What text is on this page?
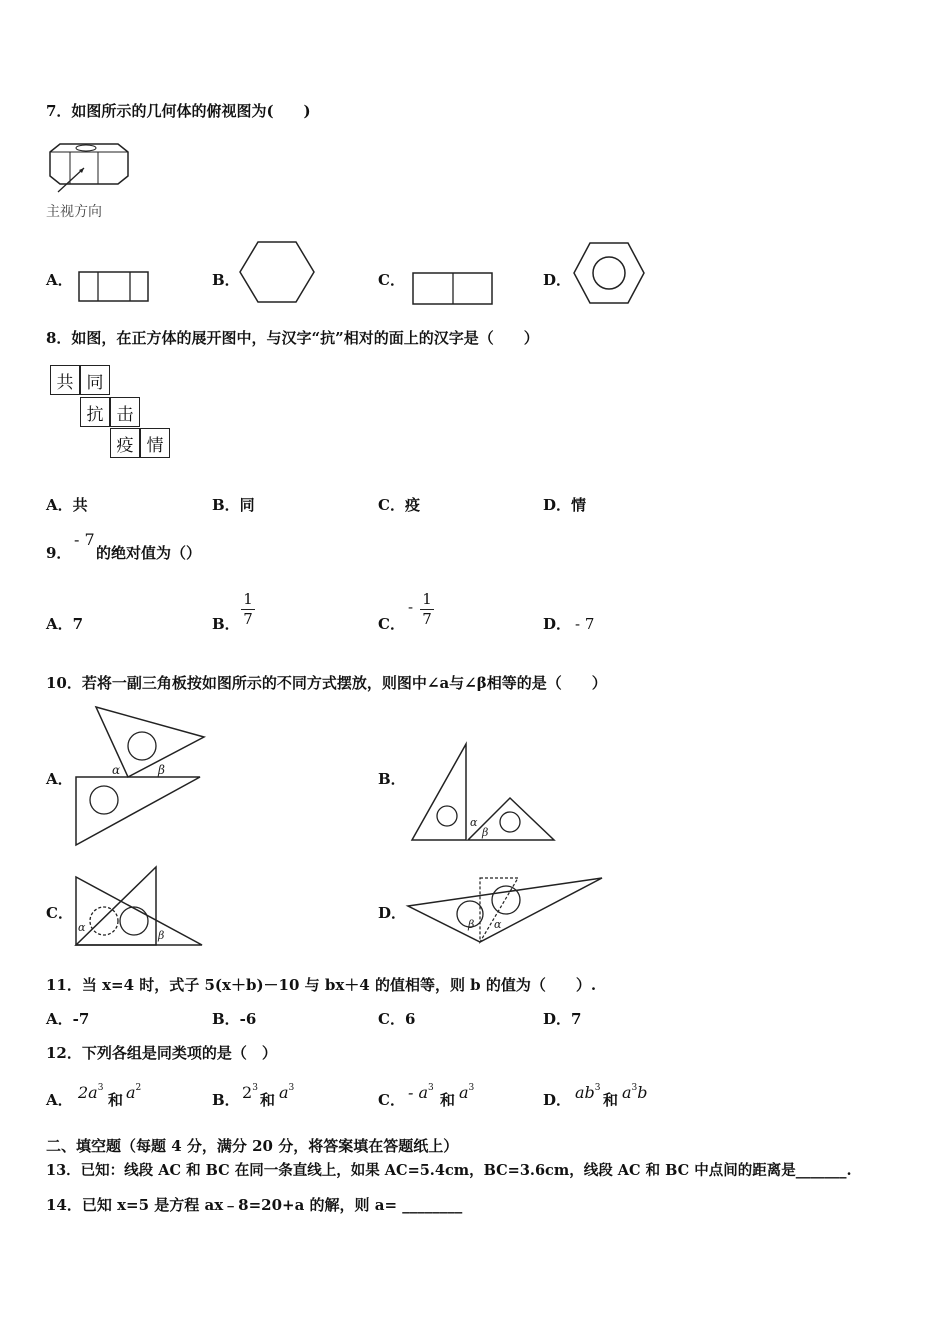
7．如图所示的几何体的俯视图为(　　)
主视方向
A．	B．	C．	D．
8．如图，在正方体的展开图中，与汉字“抗”相对的面上的汉字是（　　）
共 同
抗 击
疫 情
A．共	B．同	C．疫	D．情
9．
- 7
的绝对值为（）
A．7	B．
1
7	C．
- 1
7	D． - 7
10．若将一副三角板按如图所示的不同方式摆放，则图中∠a与∠β相等的是（　　）
A．	α	β	B．
α
β
C．
α
β
D．
β α
11．当 x=4 时，式子 5(x＋b)－10 与 bx＋4 的值相等，则 b 的值为（　　）.
A．-7	B．-6	C．6	D．7
12．下列各组是同类项的是（　）
A． $2a^3$
和 $a^2$
B． $2^3$
和 $a^3$
C． - $a^3$
和 $a^3$
D． $ab^3$
和 $a^3b$
二、填空题（每题 4 分，满分 20 分，将答案填在答题纸上）
13．已知：线段 AC 和 BC 在同一条直线上，如果 AC=5.4cm，BC=3.6cm，线段 AC 和 BC 中点间的距离是_______.
14．已知 x=5 是方程 ax﹣8=20+a 的解，则 a= ________
